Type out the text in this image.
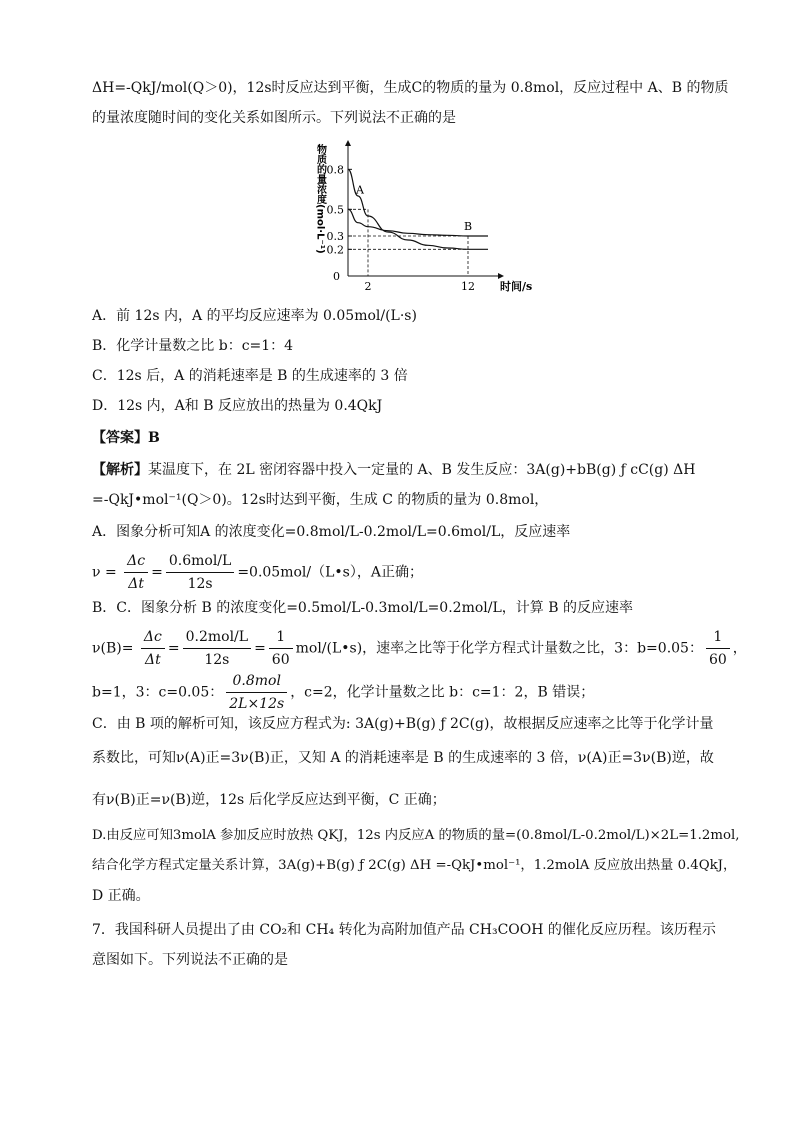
ΔH=-QkJ/mol(Q＞0)，12s时反应达到平衡，生成C的物质的量为 0.8mol，反应过程中 A、B 的物质
的量浓度随时间的变化关系如图所示。下列说法不正确的是
物质的量浓度(mol·L⁻¹) 0.8
0.5
0.3
0.2
0
2	12 时间/s
A
B
A．前 12s 内，A 的平均反应速率为 0.05mol/(L·s)
B．化学计量数之比 b：c=1：4
C．12s 后，A 的消耗速率是 B 的生成速率的 3 倍
D．12s 内，A和 B 反应放出的热量为 0.4QkJ
【答案】B
【解析】某温度下，在 2L 密闭容器中投入一定量的 A、B 发生反应：3A(g)+bB(g) ƒ cC(g) ΔH
=-QkJ•mol⁻¹(Q＞0)。12s时达到平衡，生成 C 的物质的量为 0.8mol，
A．图象分析可知A 的浓度变化=0.8mol/L-0.2mol/L=0.6mol/L，反应速率
$\nu = \frac{\Delta c}{\Delta t} = \frac{\text{0.6mol/L}}{12s}$ =0.05mol/（L•s），A正确；
B．C．图象分析 B 的浓度变化=0.5mol/L-0.3mol/L=0.2mol/L，计算 B 的反应速率
$\nu(B)= \frac{\Delta c}{\Delta t} = \frac{\text{0.2mol/L}}{12s} = \frac{1}{60}$ mol/(L•s)，速率之比等于化学方程式计量数之比，3：b=0.05： $\frac{1}{60}$ ，
b=1，3：c=0.05： $\frac{\text{0.8mol}}{2L\times 12s}$ ，c=2，化学计量数之比 b：c=1：2，B 错误；
C．由 B 项的解析可知，该反应方程式为: 3A(g)+B(g) ƒ 2C(g)，故根据反应速率之比等于化学计量
系数比，可知ν(A)正=3ν(B)正，又知 A 的消耗速率是 B 的生成速率的 3 倍，ν(A)正=3ν(B)逆，故
有ν(B)正=ν(B)逆，12s 后化学反应达到平衡，C 正确；
D.由反应可知3molA 参加反应时放热 QKJ，12s 内反应A 的物质的量=(0.8mol/L-0.2mol/L)×2L=1.2mol,
结合化学方程式定量关系计算，3A(g)+B(g) ƒ 2C(g) ΔH =-QkJ•mol⁻¹，1.2molA 反应放出热量 0.4QkJ，
D 正确。
7．我国科研人员提出了由 CO₂和 CH₄ 转化为高附加值产品 CH₃COOH 的催化反应历程。该历程示
意图如下。下列说法不正确的是
